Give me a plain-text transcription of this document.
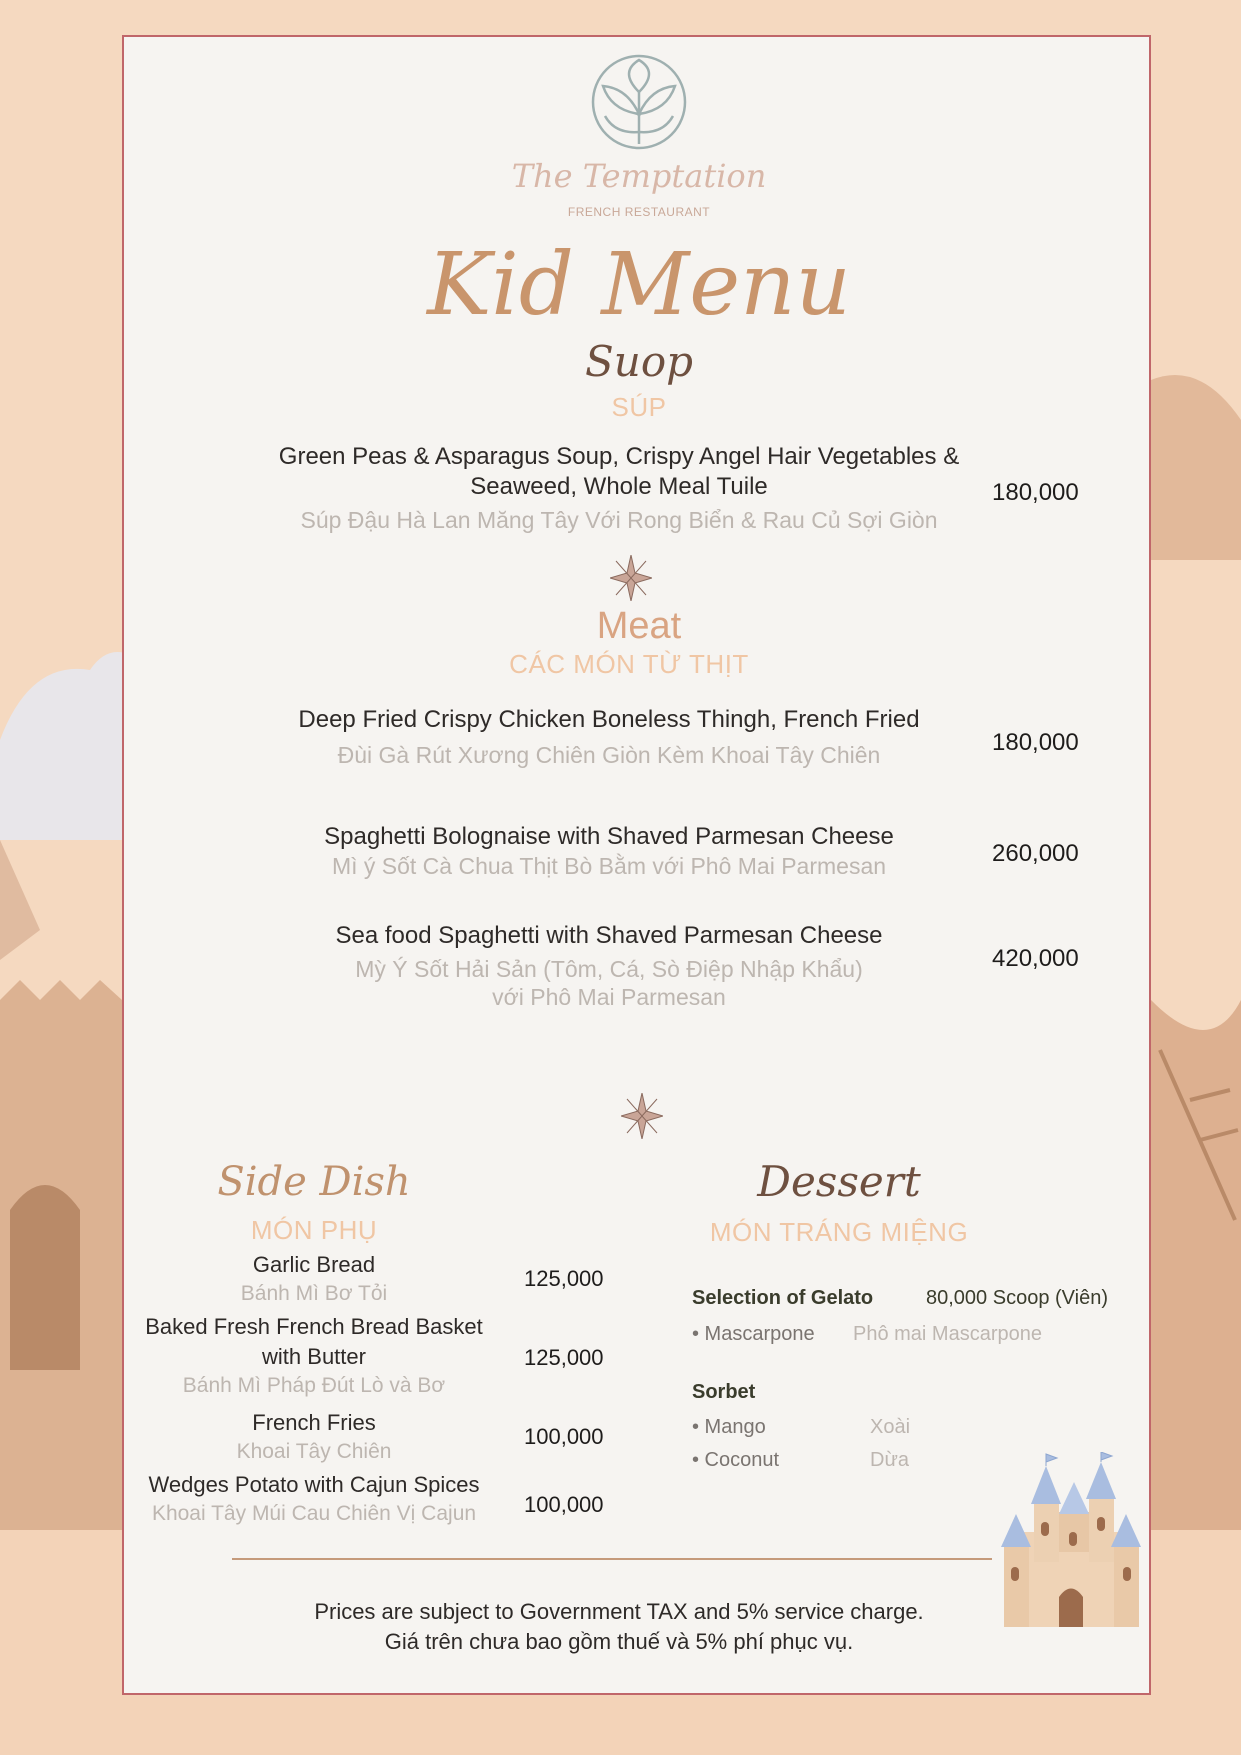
The Temptation
FRENCH RESTAURANT
Kid Menu
Suop
SÚP
Green Peas & Asparagus Soup, Crispy Angel Hair Vegetables &
Seaweed, Whole Meal Tuile
Súp Đậu Hà Lan Măng Tây Với Rong Biển & Rau Củ Sợi Giòn
180,000
Meat
CÁC MÓN TỪ THỊT
Deep Fried Crispy Chicken Boneless Thingh, French Fried
Đùi Gà Rút Xương Chiên Giòn Kèm Khoai Tây Chiên	180,000
Spaghetti Bolognaise with Shaved Parmesan Cheese
Mì ý Sốt Cà Chua Thịt Bò Bằm với Phô Mai Parmesan	260,000
Sea food Spaghetti with Shaved Parmesan Cheese
Mỳ Ý Sốt Hải Sản (Tôm, Cá, Sò Điệp Nhập Khẩu)
với Phô Mai Parmesan
420,000
Side Dish
MÓN PHỤ
Garlic Bread
Bánh Mì Bơ Tỏi
125,000
Baked Fresh French Bread Basket
with Butter
Bánh Mì Pháp Đút Lò và Bơ
125,000
French Fries
Khoai Tây Chiên
100,000
Wedges Potato with Cajun Spices
Khoai Tây Múi Cau Chiên Vị Cajun	100,000
Dessert
MÓN TRÁNG MIỆNG
Selection of Gelato	80,000 Scoop (Viên)
• Mascarpone Phô mai Mascarpone
Sorbet
• Mango	Xoài
• Coconut	Dừa
Prices are subject to Government TAX and 5% service charge.
Giá trên chưa bao gồm thuế và 5% phí phục vụ.
